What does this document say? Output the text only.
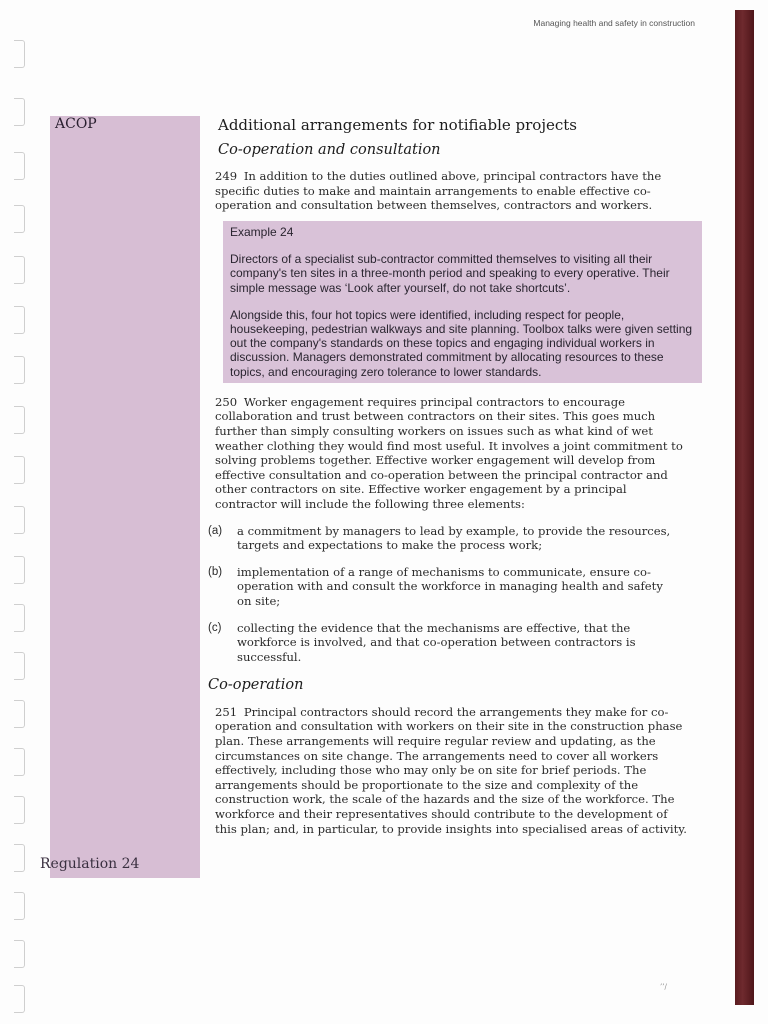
Managing health and safety in construction
ACOP
Regulation 24
Additional arrangements for notifiable projects
Co-operation and consultation

249 In addition to the duties outlined above, principal contractors have the specific duties to make and maintain arrangements to enable effective co-operation and consultation between themselves, contractors and workers.

Example 24

Directors of a specialist sub-contractor committed themselves to visiting all their company's ten sites in a three-month period and speaking to every operative. Their simple message was ‘Look after yourself, do not take shortcuts’.

Alongside this, four hot topics were identified, including respect for people, housekeeping, pedestrian walkways and site planning. Toolbox talks were given setting out the company's standards on these topics and engaging individual workers in discussion. Managers demonstrated commitment by allocating resources to these topics, and encouraging zero tolerance to lower standards.

250 Worker engagement requires principal contractors to encourage collaboration and trust between contractors on their sites. This goes much further than simply consulting workers on issues such as what kind of wet weather clothing they would find most useful. It involves a joint commitment to solving problems together. Effective worker engagement will develop from effective consultation and co-operation between the principal contractor and other contractors on site. Effective worker engagement by a principal contractor will include the following three elements:

(a)	a commitment by managers to lead by example, to provide the resources, targets and expectations to make the process work;
(b)	implementation of a range of mechanisms to communicate, ensure co-operation with and consult the workforce in managing health and safety on site;
(c)	collecting the evidence that the mechanisms are effective, that the workforce is involved, and that co-operation between contractors is successful.
Co-operation

251 Principal contractors should record the arrangements they make for co-operation and consultation with workers on their site in the construction phase plan. These arrangements will require regular review and updating, as the circumstances on site change. The arrangements need to cover all workers effectively, including those who may only be on site for brief periods. The arrangements should be proportionate to the size and complexity of the construction work, the scale of the hazards and the size of the workforce. The workforce and their representatives should contribute to the development of this plan; and, in particular, to provide insights into specialised areas of activity.

’’/
